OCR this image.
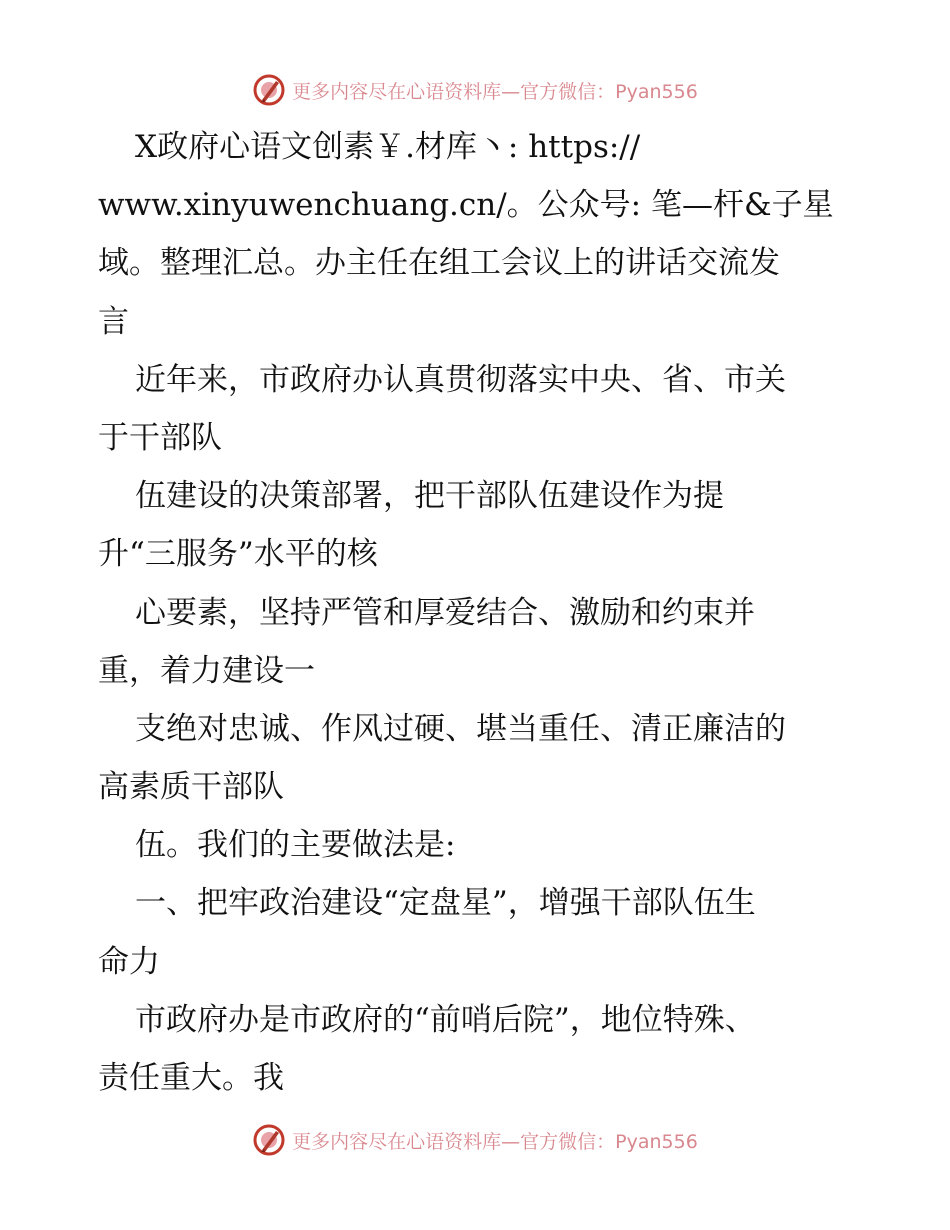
更多内容尽在心语资料库—官方微信：Pyan556
X政府心语文创素￥.材库丶: https://
www.xinyuwenchuang.cn/。公众号: 笔—杆&子星
域。整理汇总。办主任在组工会议上的讲话交流发
言
近年来，市政府办认真贯彻落实中央、省、市关
于干部队
伍建设的决策部署，把干部队伍建设作为提
升“三服务”水平的核
心要素，坚持严管和厚爱结合、激励和约束并
重，着力建设一
支绝对忠诚、作风过硬、堪当重任、清正廉洁的
高素质干部队
伍。我们的主要做法是:
一、把牢政治建设“定盘星”，增强干部队伍生
命力
市政府办是市政府的“前哨后院”，地位特殊、
责任重大。我
更多内容尽在心语资料库—官方微信：Pyan556
